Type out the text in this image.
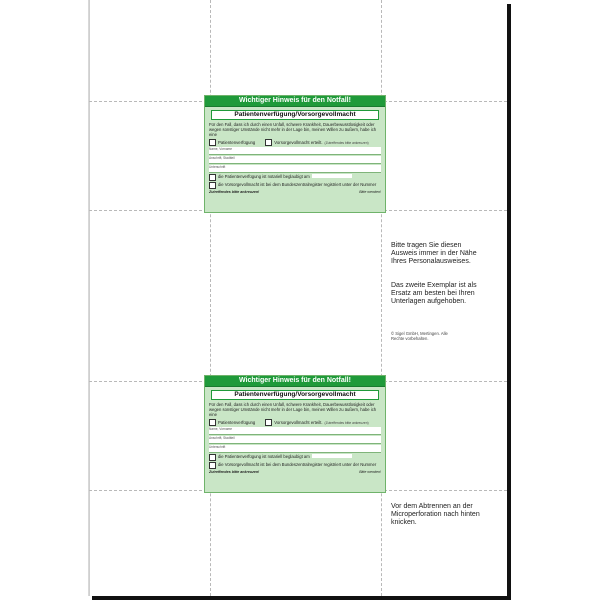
Wichtiger Hinweis für den Notfall!
Patientenverfügung/Vorsorgevollmacht
Für den Fall, dass ich durch einen Unfall, schwere Krankheit, Dauerbewusstlosigkeit oder wegen sonstiger Umstände nicht mehr in der Lage bin, meinen Willen zu äußern, habe ich eine
Patientenverfügung	Vorsorgevollmacht erteilt. (Zutreffendes bitte ankreuzen)
Name, Vorname
Anschrift, Stadtteil
Unterschrift
die Patientenverfügung ist notariell beglaubigt am
die Vorsorgevollmacht ist bei dem Bundeszentralregister registriert unter der Nummer
Zutreffendes bitte ankreuzen!	Bitte wenden!
Wichtiger Hinweis für den Notfall!
Patientenverfügung/Vorsorgevollmacht
Für den Fall, dass ich durch einen Unfall, schwere Krankheit, Dauerbewusstlosigkeit oder wegen sonstiger Umstände nicht mehr in der Lage bin, meinen Willen zu äußern, habe ich eine
Patientenverfügung	Vorsorgevollmacht erteilt. (Zutreffendes bitte ankreuzen)
Name, Vorname
Anschrift, Stadtteil
Unterschrift
die Patientenverfügung ist notariell beglaubigt am
die Vorsorgevollmacht ist bei dem Bundeszentralregister registriert unter der Nummer
Zutreffendes bitte ankreuzen!	Bitte wenden!
Bitte tragen Sie diesen Ausweis immer in der Nähe Ihres Personalausweises.
Das zweite Exemplar ist als Ersatz am besten bei Ihren Unterlagen aufgehoben.
© Sigel GmbH, Mertingen. Alle Rechte vorbehalten.
Vor dem Abtrennen an der Microperforation nach hinten knicken.
